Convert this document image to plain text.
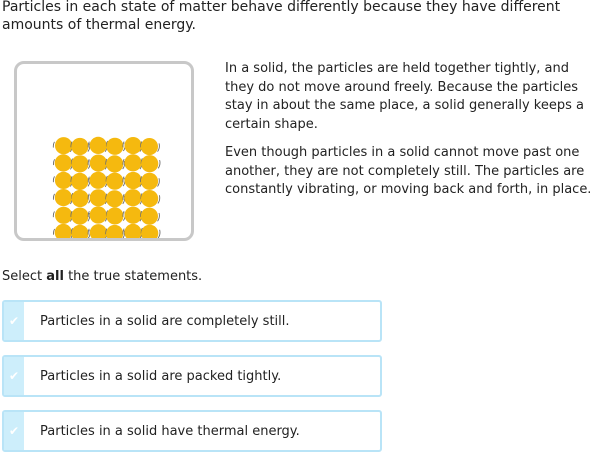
Particles in each state of matter behave differently because they have different amounts of thermal energy.

In a solid, the particles are held together tightly, and they do not move around freely. Because the particles stay in about the same place, a solid generally keeps a certain shape.

Even though particles in a solid cannot move past one another, they are not completely still. The particles are constantly vibrating, or moving back and forth, in place.

Select all the true statements.
✔	Particles in a solid are completely still.
✔	Particles in a solid are packed tightly.
✔	Particles in a solid have thermal energy.
